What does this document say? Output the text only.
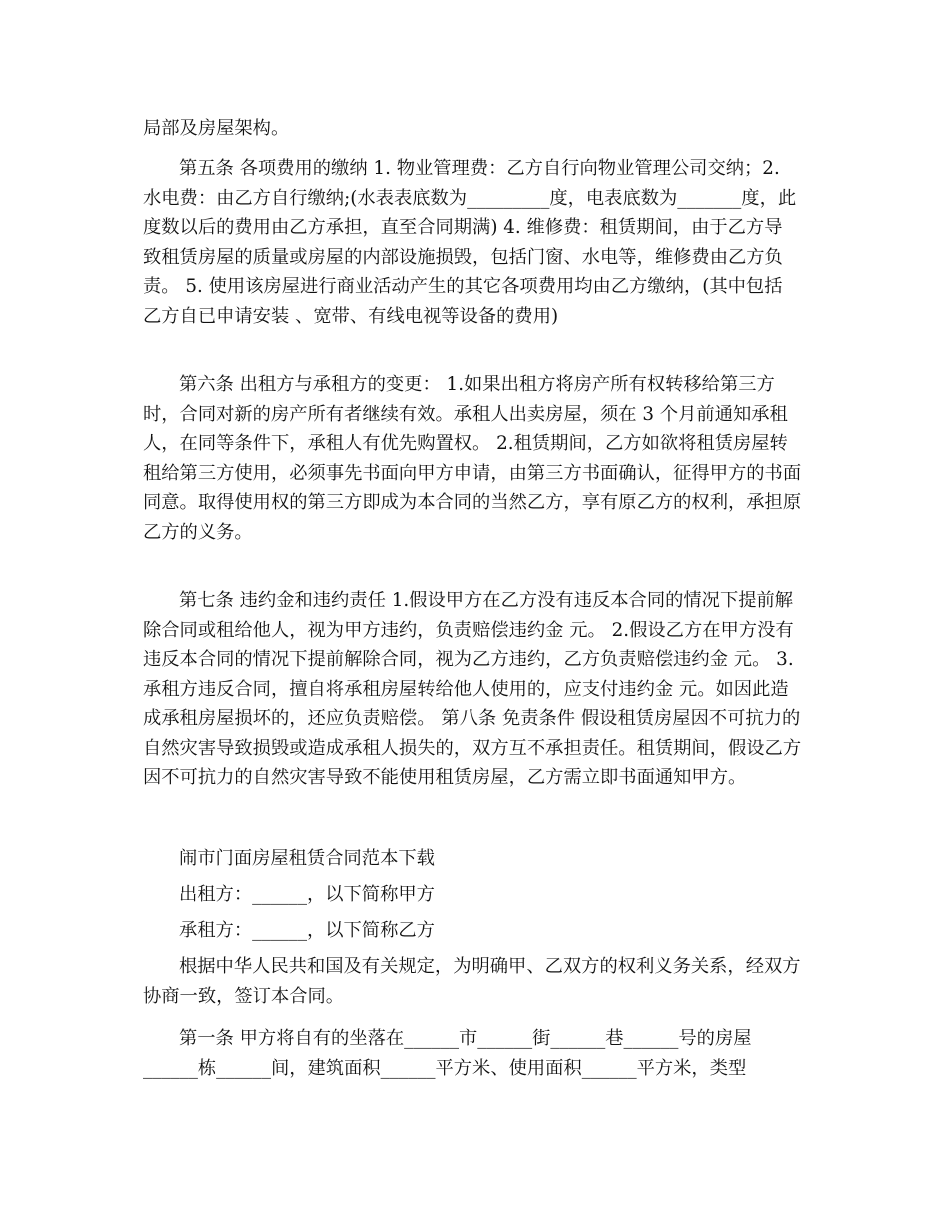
局部及房屋架构。
第五条 各项费用的缴纳 1. 物业管理费：乙方自行向物业管理公司交纳；2.
水电费：由乙方自行缴纳;(水表表底数为_________度，电表底数为_______度，此
度数以后的费用由乙方承担，直至合同期满) 4. 维修费：租赁期间，由于乙方导
致租赁房屋的质量或房屋的内部设施损毁，包括门窗、水电等，维修费由乙方负
责。 5. 使用该房屋进行商业活动产生的其它各项费用均由乙方缴纳，(其中包括
乙方自已申请安装 、宽带、有线电视等设备的费用)
第六条 出租方与承租方的变更： 1.如果出租方将房产所有权转移给第三方
时，合同对新的房产所有者继续有效。承租人出卖房屋，须在 3 个月前通知承租
人，在同等条件下，承租人有优先购置权。 2.租赁期间，乙方如欲将租赁房屋转
租给第三方使用，必须事先书面向甲方申请，由第三方书面确认，征得甲方的书面
同意。取得使用权的第三方即成为本合同的当然乙方，享有原乙方的权利，承担原
乙方的义务。
第七条 违约金和违约责任 1.假设甲方在乙方没有违反本合同的情况下提前解
除合同或租给他人，视为甲方违约，负责赔偿违约金 元。 2.假设乙方在甲方没有
违反本合同的情况下提前解除合同，视为乙方违约，乙方负责赔偿违约金 元。 3.
承租方违反合同，擅自将承租房屋转给他人使用的，应支付违约金 元。如因此造
成承租房屋损坏的，还应负责赔偿。 第八条 免责条件 假设租赁房屋因不可抗力的
自然灾害导致损毁或造成承租人损失的，双方互不承担责任。租赁期间，假设乙方
因不可抗力的自然灾害导致不能使用租赁房屋，乙方需立即书面通知甲方。
闹市门面房屋租赁合同范本下载
出租方：______，以下简称甲方
承租方：______，以下简称乙方
根据中华人民共和国及有关规定，为明确甲、乙双方的权利义务关系，经双方
协商一致，签订本合同。
第一条 甲方将自有的坐落在______市______街______巷______号的房屋
______栋______间，建筑面积______平方米、使用面积______平方米，类型
